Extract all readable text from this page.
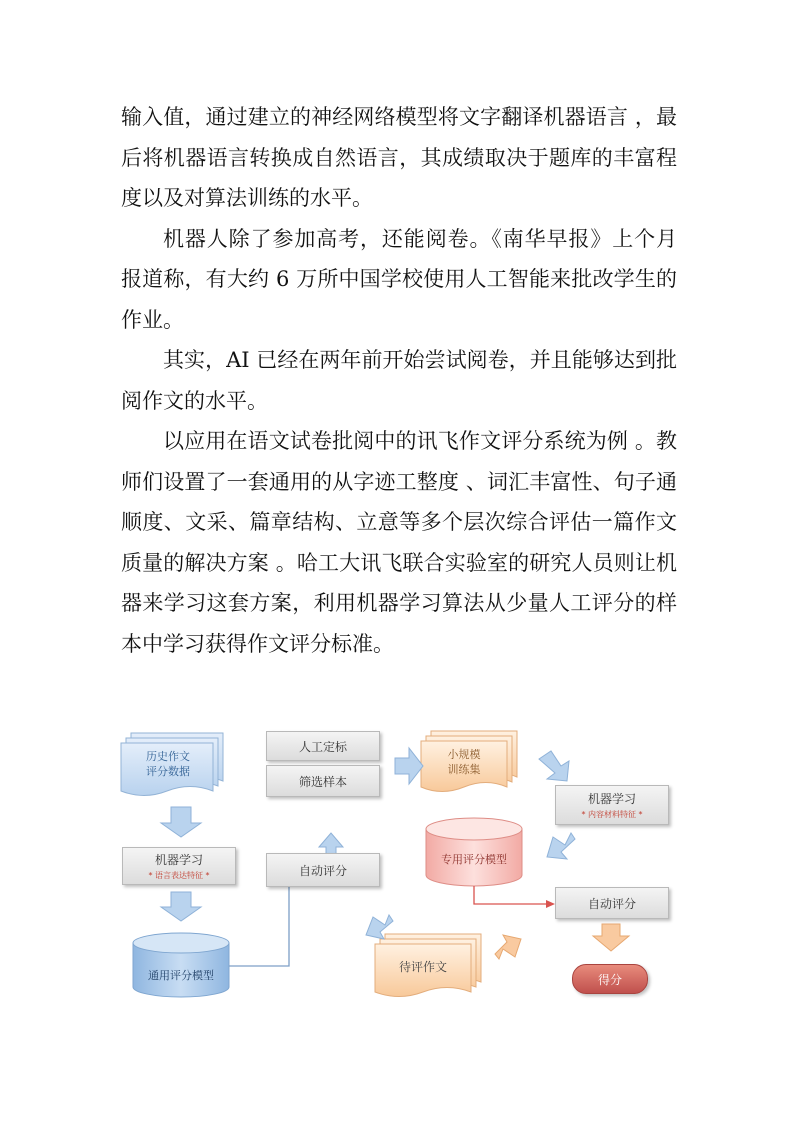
输入值，通过建立的神经网络模型将文字翻译机器语言 ，最后将机器语言转换成自然语言，其成绩取决于题库的丰富程度以及对算法训练的水平。

机器人除了参加高考，还能阅卷。《南华早报》上个月报道称，有大约 6 万所中国学校使用人工智能来批改学生的作业。

其实，AI 已经在两年前开始尝试阅卷，并且能够达到批阅作文的水平。

以应用在语文试卷批阅中的讯飞作文评分系统为例 。教师们设置了一套通用的从字迹工整度 、词汇丰富性、句子通顺度、文采、篇章结构、立意等多个层次综合评估一篇作文质量的解决方案 。哈工大讯飞联合实验室的研究人员则让机器来学习这套方案，利用机器学习算法从少量人工评分的样本中学习获得作文评分标准。

历史作文
评分数据
小规模
训练集
待评作文
通用评分模型
专用评分模型
机器学习
* 语言表达特征 *
人工定标
筛选样本
自动评分
机器学习
* 内容材料特征 *
自动评分
得分
